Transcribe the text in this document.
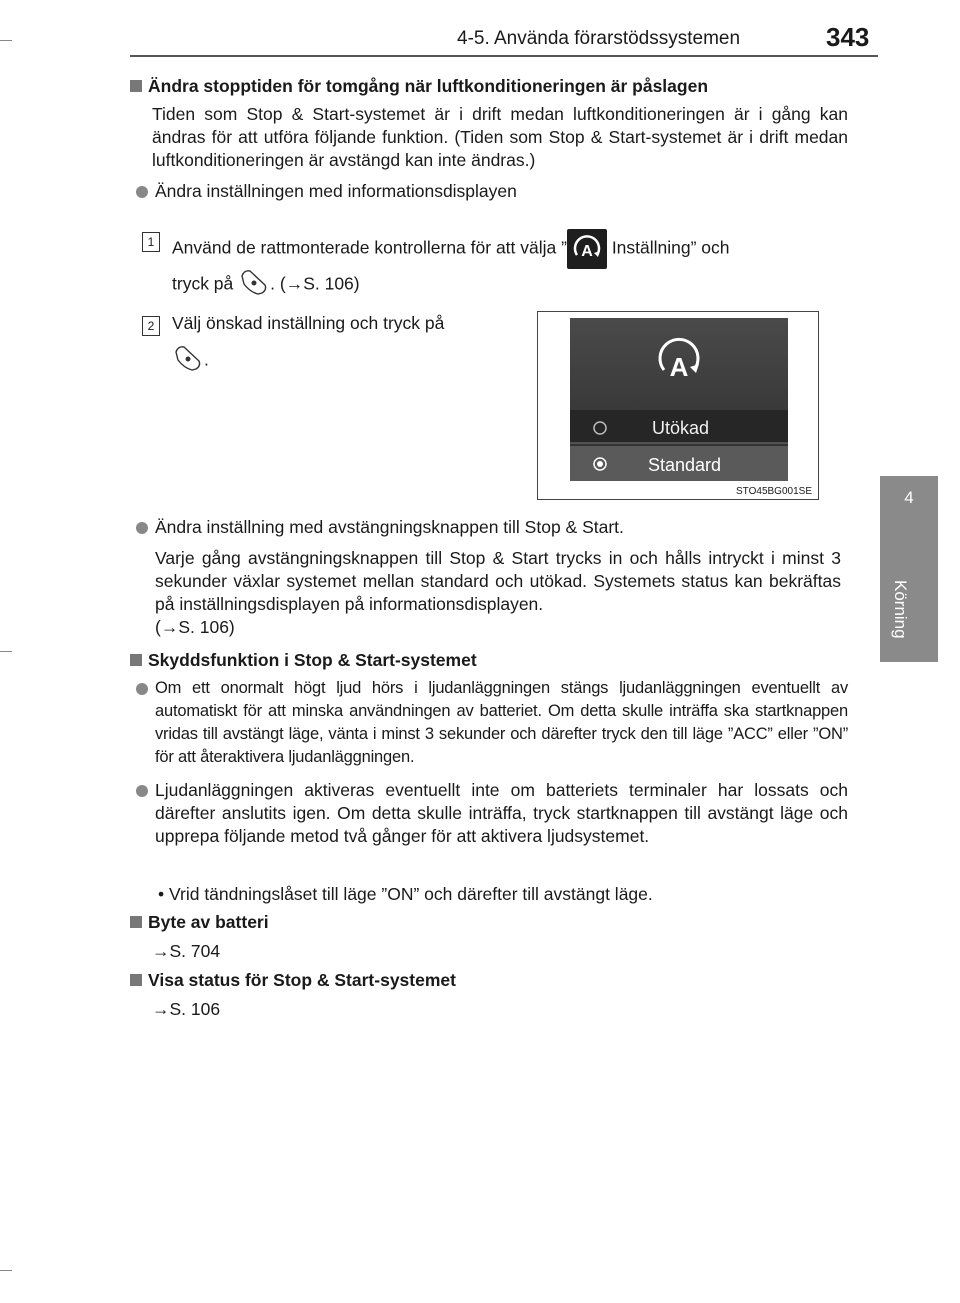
4-5. Använda förarstödssystemen	343
4
Körning
Ändra stopptiden för tomgång när luftkonditioneringen är påslagen
Tiden som Stop & Start-systemet är i drift medan luftkonditioneringen är i gång kan ändras för att utföra följande funktion. (Tiden som Stop & Start-systemet är i drift medan luftkonditioneringen är avstängd kan inte ändras.)
Ändra inställningen med informationsdisplayen
1	Använd de rattmonterade kontrollerna för att välja ” A Inställning” och
tryck på . (→S. 106)
2	Välj önskad inställning och tryck på
.	A
Utökad
Standard
STO45BG001SE
Ändra inställning med avstängningsknappen till Stop & Start.
Varje gång avstängningsknappen till Stop & Start trycks in och hålls intryckt i minst 3 sekunder växlar systemet mellan standard och utökad. Systemets status kan bekräftas på inställningsdisplayen på informationsdisplayen.
(→S. 106)
Skyddsfunktion i Stop & Start-systemet
Om ett onormalt högt ljud hörs i ljudanläggningen stängs ljudanläggningen eventuellt av automatiskt för att minska användningen av batteriet. Om detta skulle inträffa ska startknappen vridas till avstängt läge, vänta i minst 3 sekunder och därefter tryck den till läge ”ACC” eller ”ON” för att återaktivera ljudanläggningen.
Ljudanläggningen aktiveras eventuellt inte om batteriets terminaler har lossats och därefter anslutits igen. Om detta skulle inträffa, tryck startknappen till avstängt läge och upprepa följande metod två gånger för att aktivera ljudsystemet.
• Vrid tändningslåset till läge ”ON” och därefter till avstängt läge.
Byte av batteri
→S. 704
Visa status för Stop & Start-systemet
→S. 106
